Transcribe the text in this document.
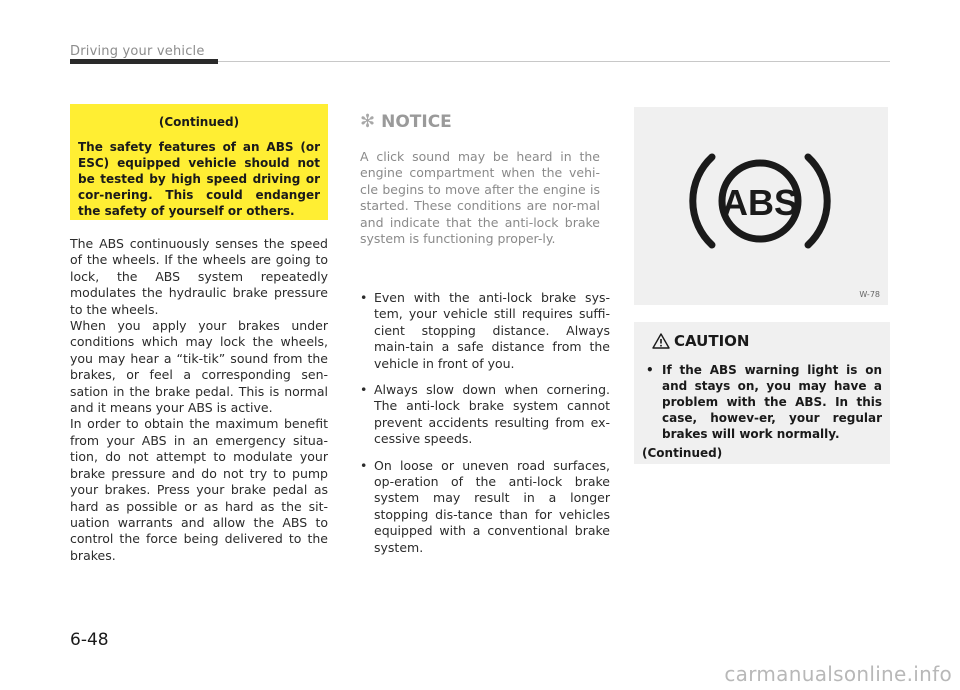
Driving your vehicle
(Continued)
The safety features of an ABS (or ESC) equipped vehicle should not be tested by high speed driving or cor-nering. This could endanger the safety of yourself or others.

The ABS continuously senses the speed of the wheels. If the wheels are going to lock, the ABS system repeatedly modulates the hydraulic brake pressure to the wheels.

When you apply your brakes under conditions which may lock the wheels, you may hear a “tik-tik” sound from the brakes, or feel a corresponding sen-sation in the brake pedal. This is normal and it means your ABS is active.

In order to obtain the maximum benefit from your ABS in an emergency situa-tion, do not attempt to modulate your brake pressure and do not try to pump your brakes. Press your brake pedal as hard as possible or as hard as the sit-uation warrants and allow the ABS to control the force being delivered to the brakes.

✻ NOTICE
A click sound may be heard in the engine compartment when the vehi-cle begins to move after the engine is started. These conditions are nor-mal and indicate that the anti-lock brake system is functioning proper-ly.
• Even with the anti-lock brake sys-tem, your vehicle still requires suffi-cient stopping distance. Always main-tain a safe distance from the vehicle in front of you.
• Always slow down when cornering. The anti-lock brake system cannot prevent accidents resulting from ex-cessive speeds.
• On loose or uneven road surfaces, op-eration of the anti-lock brake system may result in a longer stopping dis-tance than for vehicles equipped with a conventional brake system.
ABS
W-78
CAUTION
• If the ABS warning light is on and stays on, you may have a problem with the ABS. In this case, howev-er, your regular brakes will work normally.
(Continued)
6-48
carmanualsonline.info
